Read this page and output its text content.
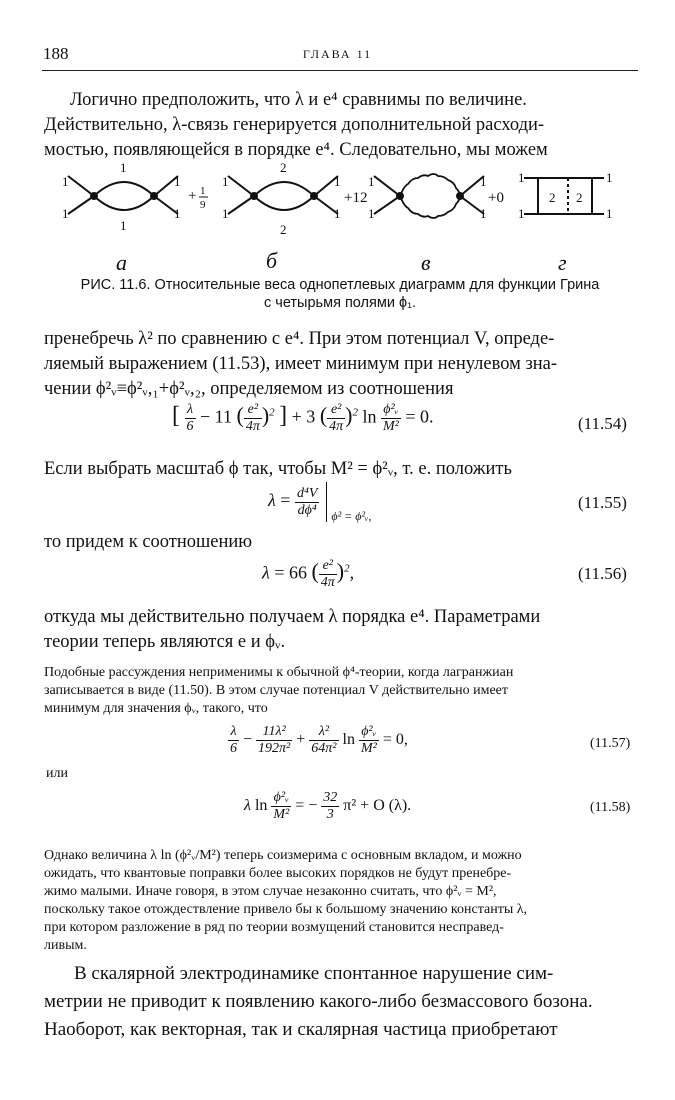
188	ГЛАВА 11
Логично предположить, что λ и e⁴ сравнимы по величине.
Действительно, λ-связь генерируется дополнительной расходи-
мостью, появляющейся в порядке e⁴. Следовательно, мы можем
1
1
1
1
1
1
+ 1
9
2
2
1
1
1
1
+12
1
1
1
1
+0
1
1
1
1
2 2
а	б	в	г
РИС. 11.6. Относительные веса однопетлевых диаграмм для функции Грина
с четырьмя полями ϕ₁.
пренебречь λ² по сравнению с e⁴. При этом потенциал V, опреде-
ляемый выражением (11.53), имеет минимум при ненулевом зна-
чении ϕ²ᵥ≡ϕ²ᵥ,₁+ϕ²ᵥ,₂, определяемом из соотношения
[ $\frac{\lambda}{6} - 11$ ( $\frac{\text{e²}}{4\pi} )^2$ ] + 3 ( $\frac{\text{e²}}{4\pi} )^2$ $\ln \frac{\text{ϕ²ᵥ}}{\text{M²}} = 0$.	(11.54)
Если выбрать масштаб ϕ так, чтобы M² = ϕ²ᵥ, т. е. положить
$\lambda = \frac{\text{d⁴V}}{\text{dϕ⁴}} _{\phi^2 = \phi^2ᵥ,}$
(11.55)
то придем к соотношению
λ = 66 ( $\frac{\text{e²}}{4\pi} )^2$,	(11.56)
откуда мы действительно получаем λ порядка e⁴. Параметрами
теории теперь являются e и ϕᵥ.
Подобные рассуждения неприменимы к обычной ϕ⁴-теории, когда лагранжиан
записывается в виде (11.50). В этом случае потенциал V действительно имеет
минимум для значения ϕᵥ, такого, что
$\frac{\lambda}{6} - \frac{\text{11λ²}}{\text{192π²}} + \frac{\text{λ²}}{\text{64π²}}$ $\ln \frac{\text{ϕ²ᵥ}}{\text{M²}} = 0$,	(11.57)
или
λ $\ln \frac{\text{ϕ²ᵥ}}{\text{M²}}$ = − $\frac{32}{3} \pi^2 + O$ (λ).	(11.58)
Однако величина λ ln (ϕ²ᵥ/M²) теперь соизмерима с основным вкладом, и можно
ожидать, что квантовые поправки более высоких порядков не будут пренебре-
жимо малыми. Иначе говоря, в этом случае незаконно считать, что ϕ²ᵥ = M²,
поскольку такое отождествление привело бы к большому значению константы λ,
при котором разложение в ряд по теории возмущений становится несправед-
ливым.
В скалярной электродинамике спонтанное нарушение сим-
метрии не приводит к появлению какого-либо безмассового бозона.
Наоборот, как векторная, так и скалярная частица приобретают
